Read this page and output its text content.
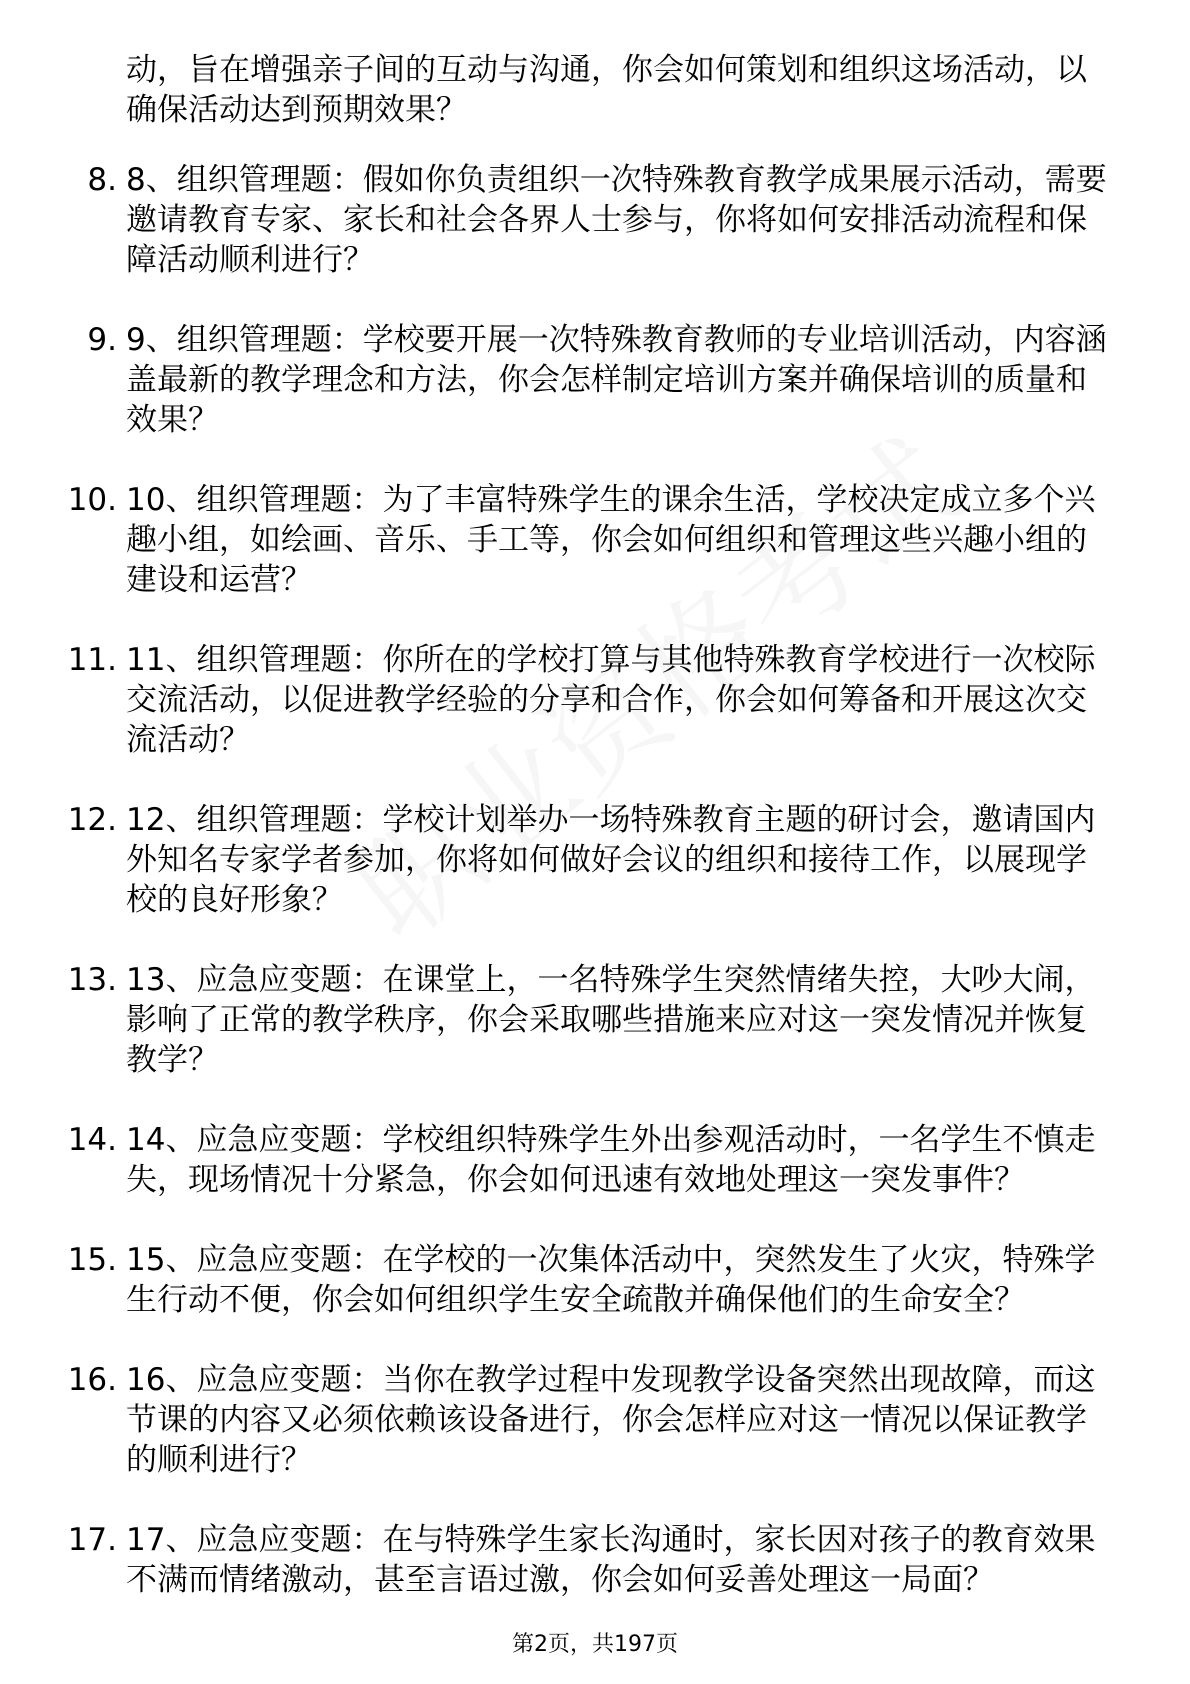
动，旨在增强亲子间的互动与沟通，你会如何策划和组织这场活动，以确保活动达到预期效果？

8. 8、组织管理题：假如你负责组织一次特殊教育教学成果展示活动，需要邀请教育专家、家长和社会各界人士参与，你将如何安排活动流程和保障活动顺利进行？
9. 9、组织管理题：学校要开展一次特殊教育教师的专业培训活动，内容涵盖最新的教学理念和方法，你会怎样制定培训方案并确保培训的质量和效果？
10. 10、组织管理题：为了丰富特殊学生的课余生活，学校决定成立多个兴趣小组，如绘画、音乐、手工等，你会如何组织和管理这些兴趣小组的建设和运营？
11. 11、组织管理题：你所在的学校打算与其他特殊教育学校进行一次校际交流活动，以促进教学经验的分享和合作，你会如何筹备和开展这次交流活动？
12. 12、组织管理题：学校计划举办一场特殊教育主题的研讨会，邀请国内外知名专家学者参加，你将如何做好会议的组织和接待工作，以展现学校的良好形象？
13. 13、应急应变题：在课堂上，一名特殊学生突然情绪失控，大吵大闹，影响了正常的教学秩序，你会采取哪些措施来应对这一突发情况并恢复教学？
14. 14、应急应变题：学校组织特殊学生外出参观活动时，一名学生不慎走失，现场情况十分紧急，你会如何迅速有效地处理这一突发事件？
15. 15、应急应变题：在学校的一次集体活动中，突然发生了火灾，特殊学生行动不便，你会如何组织学生安全疏散并确保他们的生命安全？
16. 16、应急应变题：当你在教学过程中发现教学设备突然出现故障，而这节课的内容又必须依赖该设备进行，你会怎样应对这一情况以保证教学的顺利进行？
17. 17、应急应变题：在与特殊学生家长沟通时，家长因对孩子的教育效果不满而情绪激动，甚至言语过激，你会如何妥善处理这一局面？
第2页，共197页
